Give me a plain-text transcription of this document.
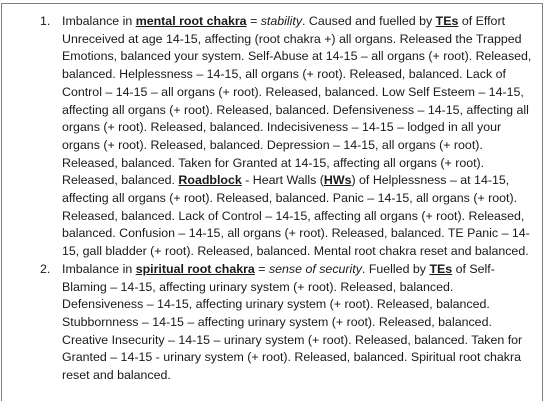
1. Imbalance in mental root chakra = stability. Caused and fuelled by TEs of Effort Unreceived at age 14-15, affecting (root chakra +) all organs. Released the Trapped Emotions, balanced your system. Self-Abuse at 14-15 – all organs (+ root). Released, balanced. Helplessness – 14-15, all organs (+ root). Released, balanced. Lack of Control – 14-15 – all organs (+ root). Released, balanced. Low Self Esteem – 14-15, affecting all organs (+ root). Released, balanced. Defensiveness – 14-15, affecting all organs (+ root). Released, balanced. Indecisiveness – 14-15 – lodged in all your organs (+ root). Released, balanced. Depression – 14-15, all organs (+ root). Released, balanced. Taken for Granted at 14-15, affecting all organs (+ root). Released, balanced. Roadblock - Heart Walls (HWs) of Helplessness – at 14-15, affecting all organs (+ root). Released, balanced. Panic – 14-15, all organs (+ root). Released, balanced. Lack of Control – 14-15, affecting all organs (+ root). Released, balanced. Confusion – 14-15, all organs (+ root). Released, balanced. TE Panic – 14-15, gall bladder (+ root). Released, balanced. Mental root chakra reset and balanced.
2. Imbalance in spiritual root chakra = sense of security. Fuelled by TEs of Self-Blaming – 14-15, affecting urinary system (+ root). Released, balanced. Defensiveness – 14-15, affecting urinary system (+ root). Released, balanced. Stubbornness – 14-15 – affecting urinary system (+ root). Released, balanced. Creative Insecurity – 14-15 – urinary system (+ root). Released, balanced. Taken for Granted – 14-15 - urinary system (+ root). Released, balanced. Spiritual root chakra reset and balanced.
